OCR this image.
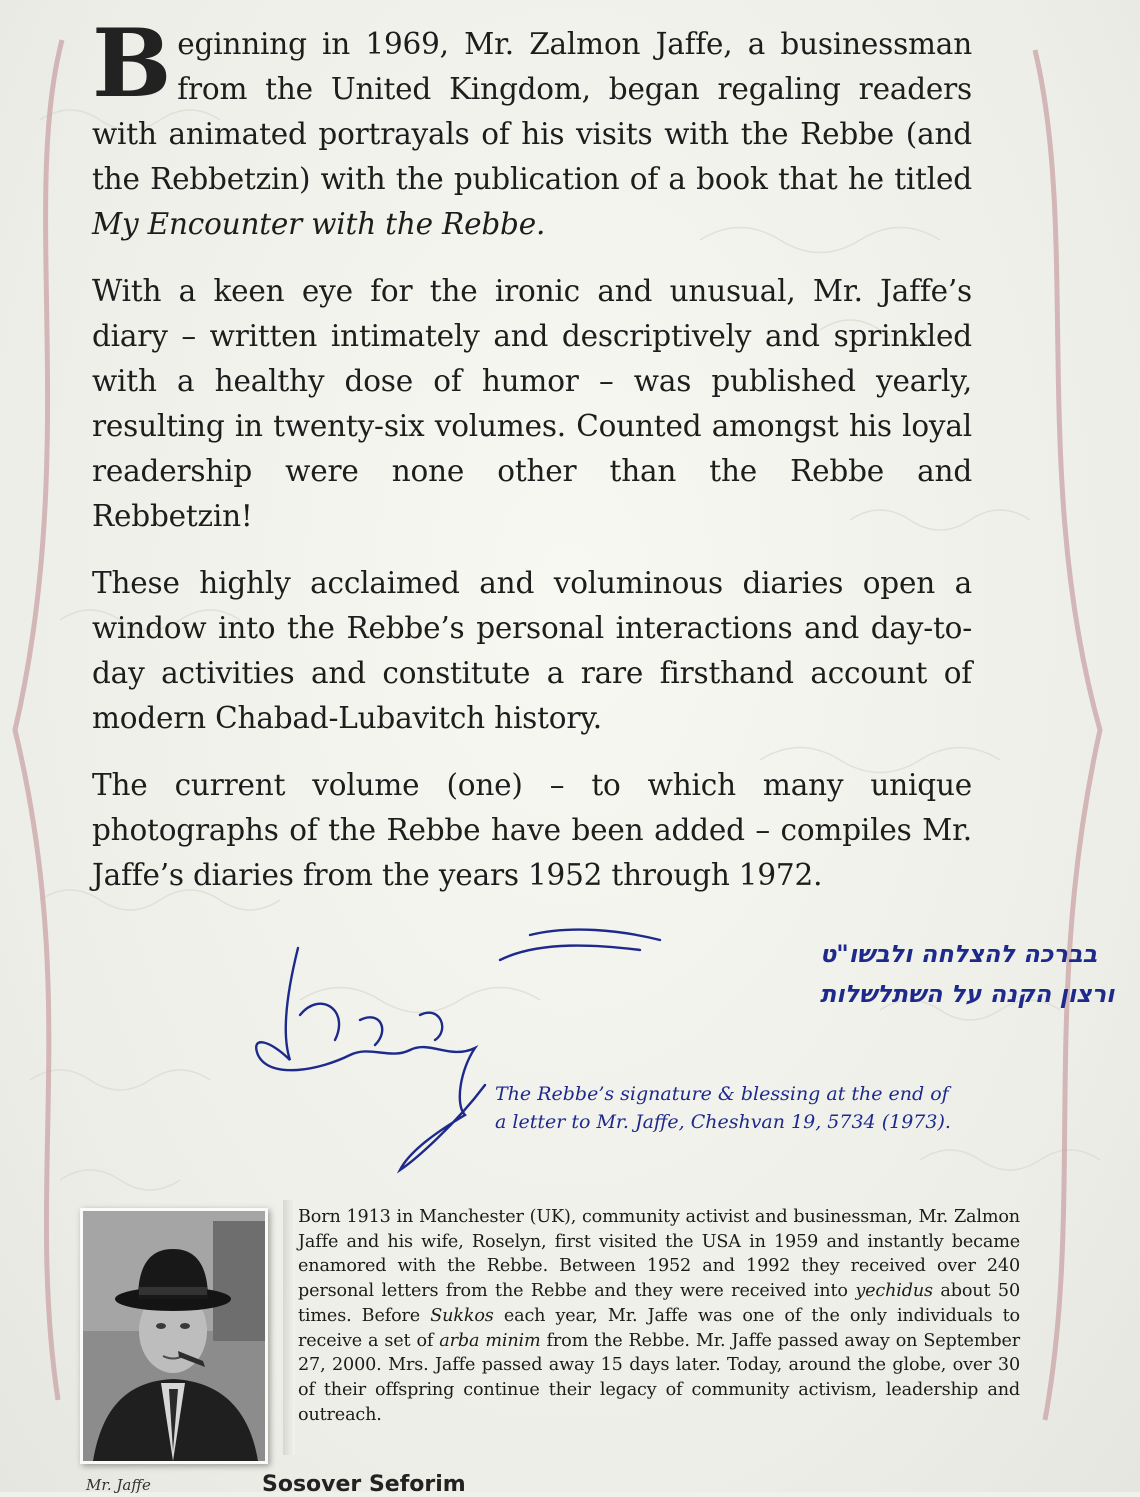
Beginning in 1969, Mr. Zalmon Jaffe, a businessman from the United Kingdom, began regaling readers with animated portrayals of his visits with the Rebbe (and the Rebbetzin) with the publication of a book that he titled My Encounter with the Rebbe.

With a keen eye for the ironic and unusual, Mr. Jaffe’s diary – written intimately and descriptively and sprinkled with a healthy dose of humor – was published yearly, resulting in twenty-six volumes. Counted amongst his loyal readership were none other than the Rebbe and Rebbetzin!

These highly acclaimed and voluminous diaries open a window into the Rebbe’s personal interactions and day-to-day activities and constitute a rare firsthand account of modern Chabad-Lubavitch history.

The current volume (one) – to which many unique photographs of the Rebbe have been added – compiles Mr. Jaffe’s diaries from the years 1952 through 1972.

בברכה להצלחה ולבשו"ט
ורצון הקנה על השתלשלות
The Rebbe’s signature & blessing at the end of a letter to Mr. Jaffe, Cheshvan 19, 5734 (1973).
Born 1913 in Manchester (UK), community activist and businessman, Mr. Zalmon Jaffe and his wife, Roselyn, first visited the USA in 1959 and instantly became enamored with the Rebbe. Between 1952 and 1992 they received over 240 personal letters from the Rebbe and they were received into yechidus about 50 times. Before Sukkos each year, Mr. Jaffe was one of the only individuals to receive a set of arba minim from the Rebbe. Mr. Jaffe passed away on September 27, 2000. Mrs. Jaffe passed away 15 days later. Today, around the globe, over 30 of their offspring continue their legacy of community activism, leadership and outreach.
Mr. Jaffe	Sosover Seforim
